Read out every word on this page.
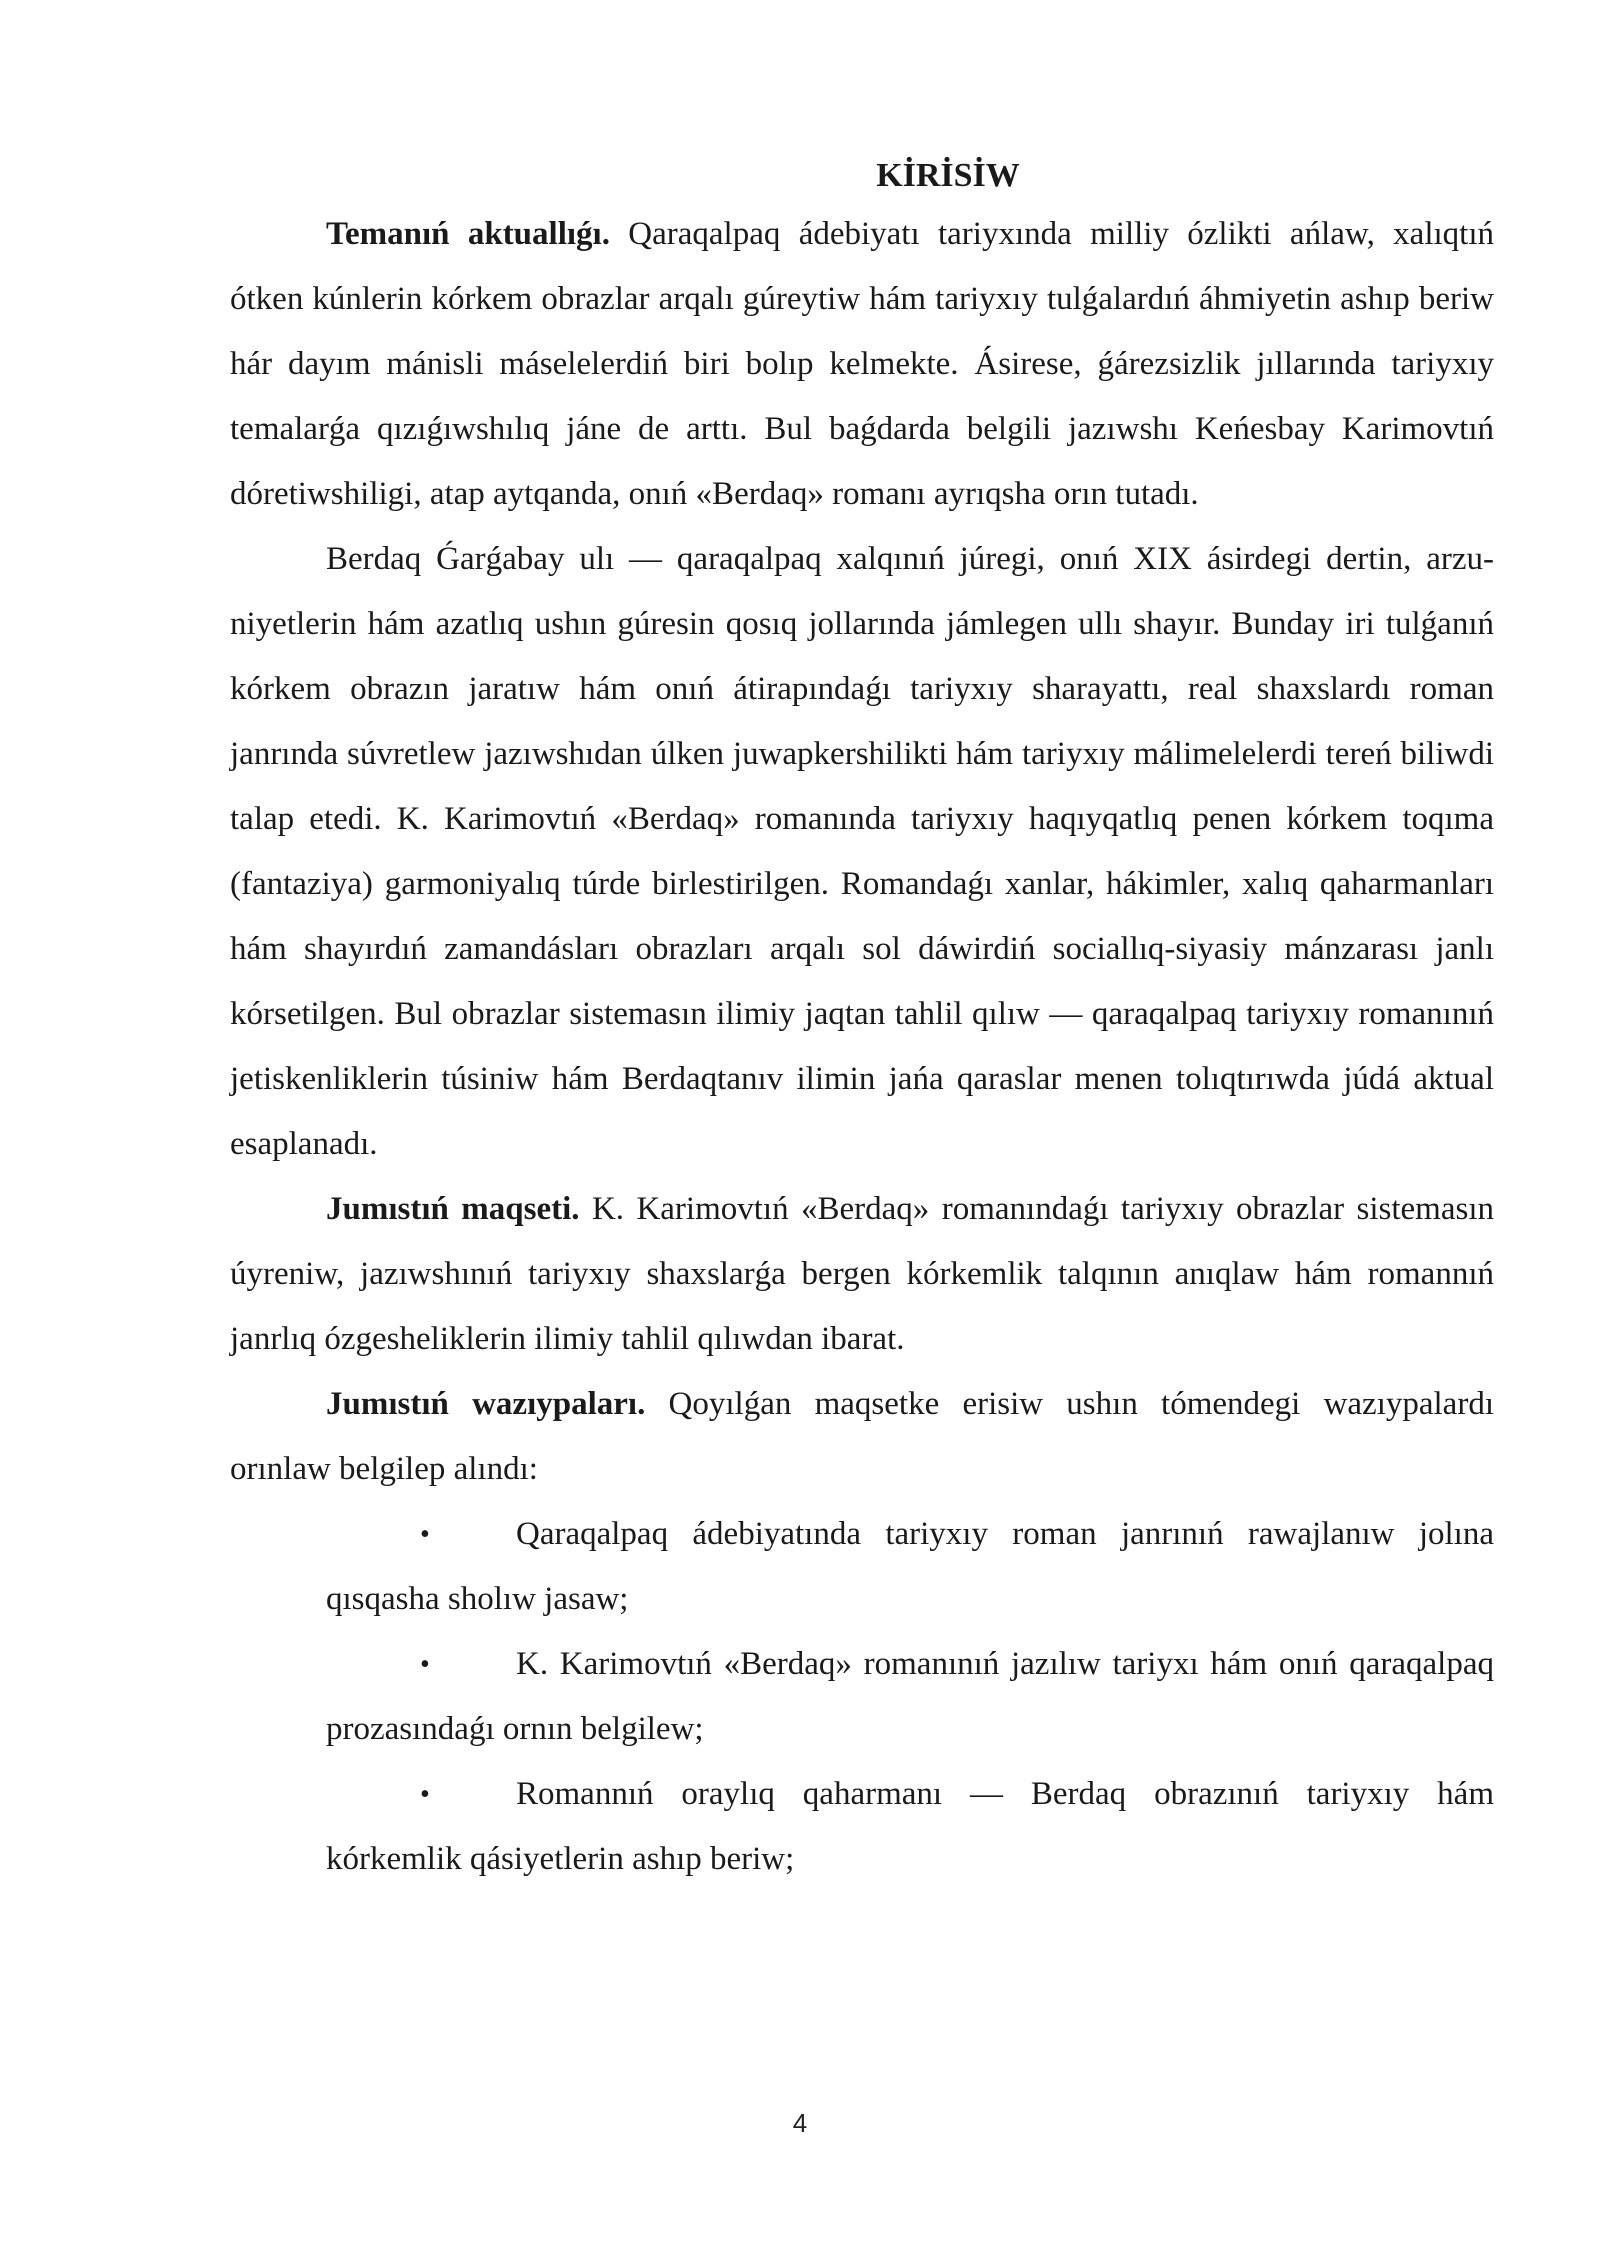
KİRİSİW

Temanıń aktuallıǵı. Qaraqalpaq ádebiyatı tariyxında milliy ózlikti ańlaw, xalıqtıń ótken kúnlerin kórkem obrazlar arqalı gúreytiw hám tariyxıy tulǵalardıń áhmiyetin ashıp beriw hár dayım mánisli máselelerdiń biri bolıp kelmekte. Ásirese, ǵárezsizlik jıllarında tariyxıy temalarǵa qızıǵıwshılıq jáne de arttı. Bul baǵdarda belgili jazıwshı Keńesbay Karimovtıń dóretiwshiligi, atap aytqanda, onıń «Berdaq» romanı ayrıqsha orın tutadı.

Berdaq Ǵarǵabay ulı — qaraqalpaq xalqınıń júregi, onıń XIX ásirdegi dertin, arzu-niyetlerin hám azatlıq ushın gúresin qosıq jollarında jámlegen ullı shayır. Bunday iri tulǵanıń kórkem obrazın jaratıw hám onıń átirapındaǵı tariyxıy sharayattı, real shaxslardı roman janrında súvretlew jazıwshıdan úlken juwapkershilikti hám tariyxıy málimelelerdi tereń biliwdi talap etedi. K. Karimovtıń «Berdaq» romanında tariyxıy haqıyqatlıq penen kórkem toqıma (fantaziya) garmoniyalıq túrde birlestirilgen. Romandaǵı xanlar, hákimler, xalıq qaharmanları hám shayırdıń zamandásları obrazları arqalı sol dáwirdiń sociallıq-siyasiy mánzarası janlı kórsetilgen. Bul obrazlar sistemasın ilimiy jaqtan tahlil qılıw — qaraqalpaq tariyxıy romanınıń jetiskenliklerin túsiniw hám Berdaqtanıv ilimin jańa qaraslar menen tolıqtırıwda júdá aktual esaplanadı.

Jumıstıń maqseti. K. Karimovtıń «Berdaq» romanındaǵı tariyxıy obrazlar sistemasın úyreniw, jazıwshınıń tariyxıy shaxslarǵa bergen kórkemlik talqının anıqlaw hám romannıń janrlıq ózgesheliklerin ilimiy tahlil qılıwdan ibarat.

Jumıstıń wazıypaları. Qoyılǵan maqsetke erisiw ushın tómendegi wazıypalardı orınlaw belgilep alındı:

•	Qaraqalpaq ádebiyatında tariyxıy roman janrınıń rawajlanıw jolına qısqasha sholıw jasaw;
•	K. Karimovtıń «Berdaq» romanınıń jazılıw tariyxı hám onıń qaraqalpaq prozasındaǵı ornın belgilew;
•	Romannıń oraylıq qaharmanı — Berdaq obrazınıń tariyxıy hám kórkemlik qásiyetlerin ashıp beriw;
4
